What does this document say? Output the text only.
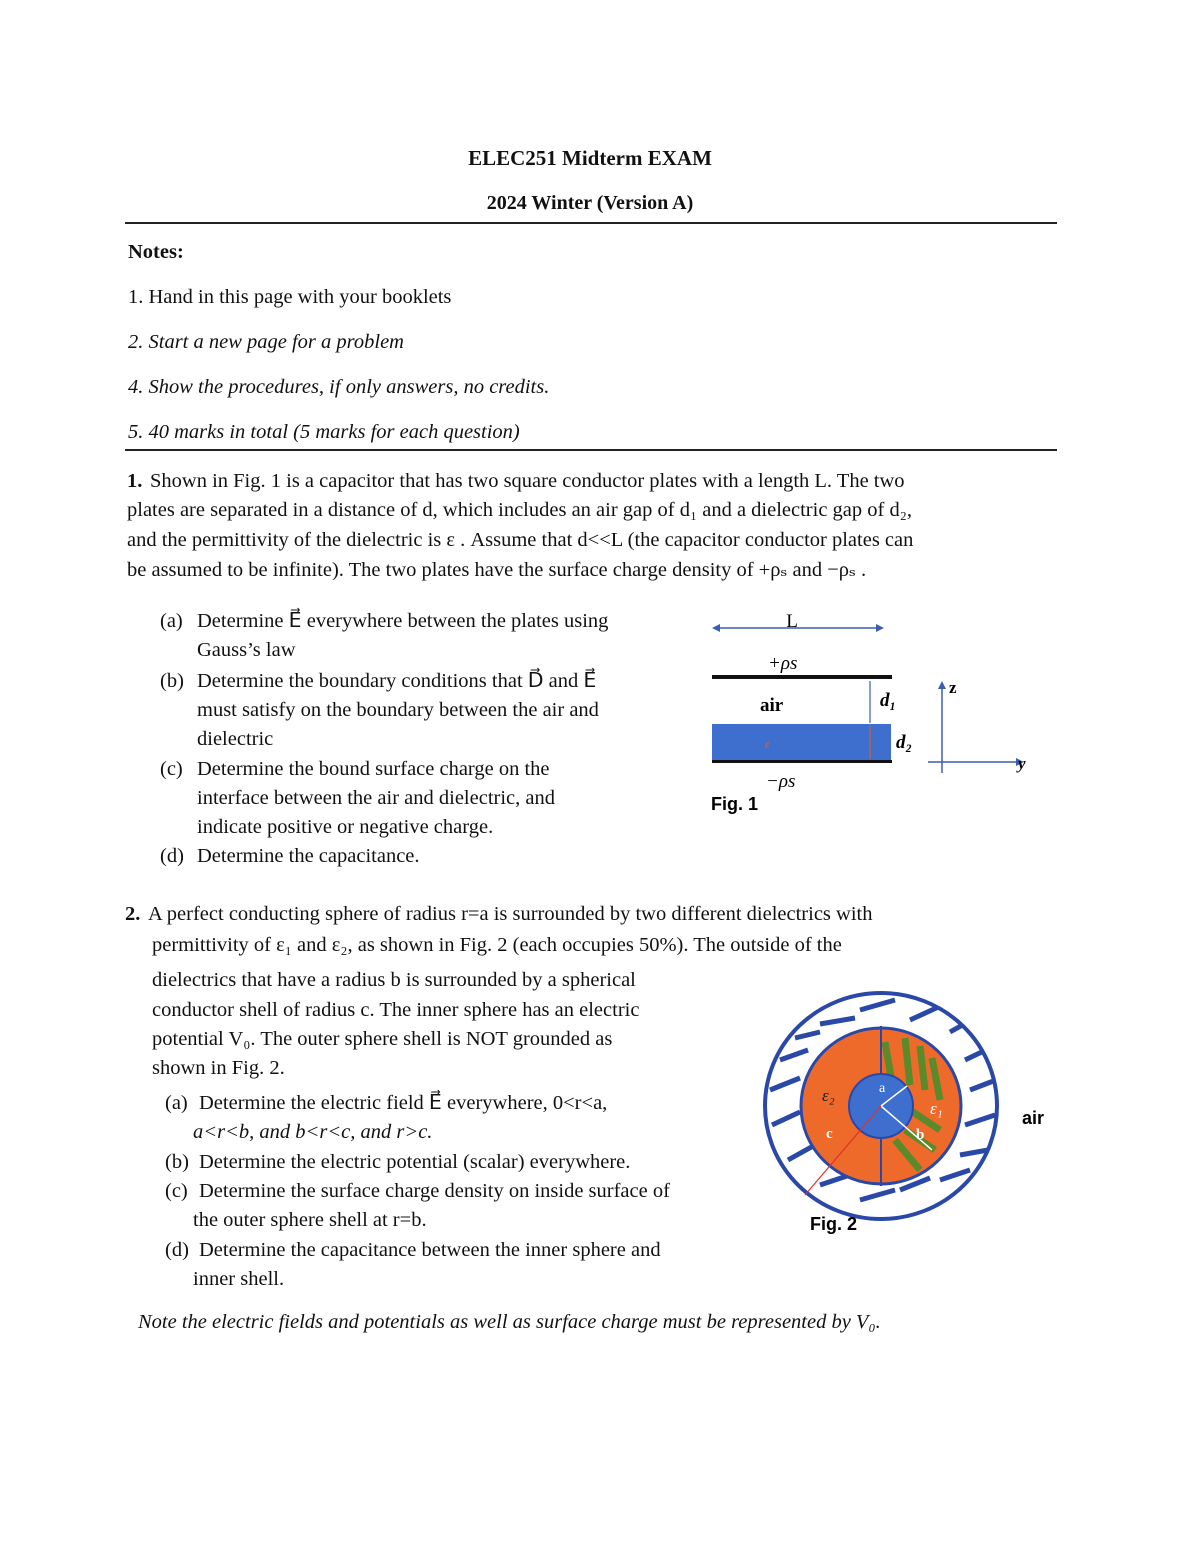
ELEC251 Midterm EXAM
2024 Winter (Version A)
Notes:
1. Hand in this page with your booklets
2. Start a new page for a problem
4. Show the procedures, if only answers, no credits.
5. 40 marks in total (5 marks for each question)
1. Shown in Fig. 1 is a capacitor that has two square conductor plates with a length L. The two
plates are separated in a distance of d, which includes an air gap of d₁ and a dielectric gap of d₂,
and the permittivity of the dielectric is ε . Assume that d<<L (the capacitor conductor plates can
be assumed to be infinite). The two plates have the surface charge density of +ρₛ and −ρₛ .
(a) Determine E⃗ everywhere between the plates using
Gauss’s law
(b) Determine the boundary conditions that D⃗ and E⃗
must satisfy on the boundary between the air and
dielectric
(c) Determine the bound surface charge on the
interface between the air and dielectric, and
indicate positive or negative charge.
(d) Determine the capacitance.
L
+ρs
air
ε
d₁
d₂
−ρs
z
y
Fig. 1
2. A perfect conducting sphere of radius r=a is surrounded by two different dielectrics with
permittivity of ε₁ and ε₂, as shown in Fig. 2 (each occupies 50%). The outside of the
dielectrics that have a radius b is surrounded by a spherical
conductor shell of radius c. The inner sphere has an electric
potential V₀. The outer sphere shell is NOT grounded as
shown in Fig. 2.
(a) Determine the electric field E⃗ everywhere, 0<r<a,
a<r<b, and b<r<c, and r>c.
(b) Determine the electric potential (scalar) everywhere.
(c) Determine the surface charge density on inside surface of
the outer sphere shell at r=b.
(d) Determine the capacitance between the inner sphere and
inner shell.
Note the electric fields and potentials as well as surface charge must be represented by V₀.
a
b
c
ε₂
ε₁	air
Fig. 2
